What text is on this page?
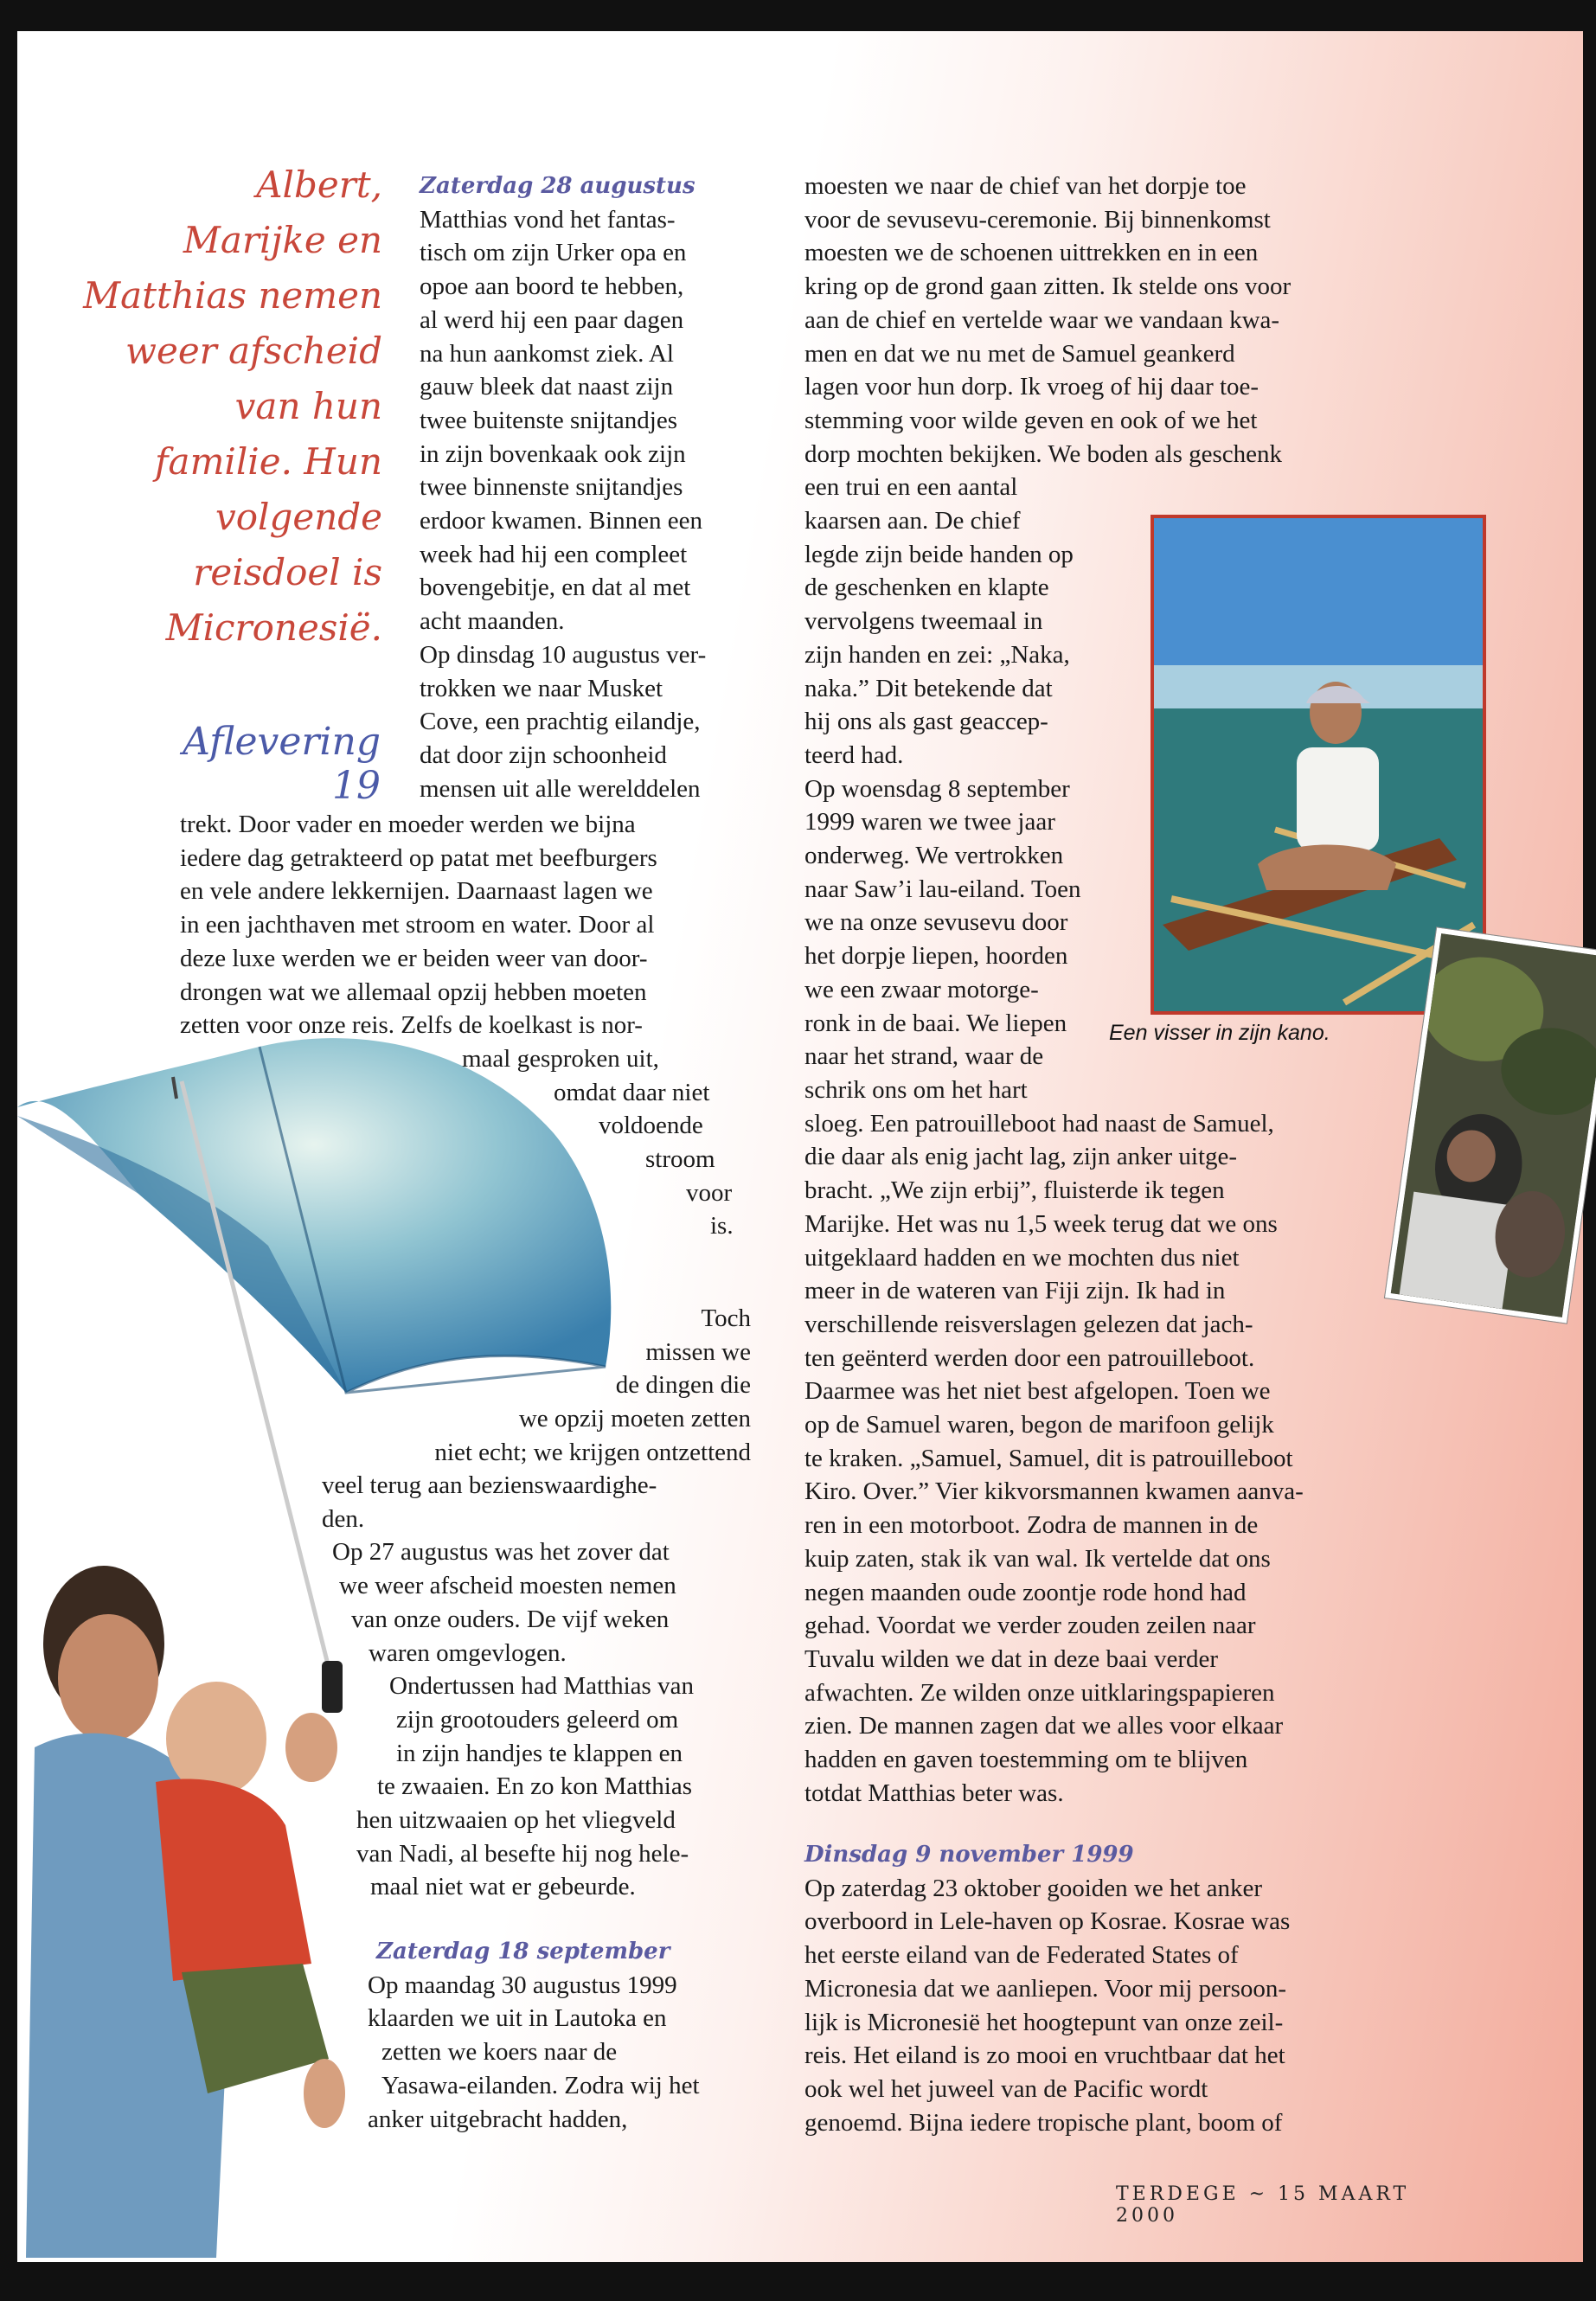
Albert,

Marijke en

Matthias nemen

weer afscheid

van hun

familie. Hun

volgende

reisdoel is

Micronesië.

Aflevering 19

Zaterdag 28 augustus

Matthias vond het fantas-

tisch om zijn Urker opa en

opoe aan boord te hebben,

al werd hij een paar dagen

na hun aankomst ziek. Al

gauw bleek dat naast zijn

twee buitenste snijtandjes

in zijn bovenkaak ook zijn

twee binnenste snijtandjes

erdoor kwamen. Binnen een

week had hij een compleet

bovengebitje, en dat al met

acht maanden.

Op dinsdag 10 augustus ver-

trokken we naar Musket

Cove, een prachtig eilandje,

dat door zijn schoonheid

mensen uit alle werelddelen

trekt. Door vader en moeder werden we bijna

iedere dag getrakteerd op patat met beefburgers

en vele andere lekkernijen. Daarnaast lagen we

in een jachthaven met stroom en water. Door al

deze luxe werden we er beiden weer van door-

drongen wat we allemaal opzij hebben moeten

zetten voor onze reis. Zelfs de koelkast is nor-

maal gesproken uit,

omdat daar niet

voldoende

stroom

voor

is.

Toch

missen we

de dingen die

we opzij moeten zetten

niet echt; we krijgen ontzettend

veel terug aan bezienswaardighe-

den.

Op 27 augustus was het zover dat

we weer afscheid moesten nemen

van onze ouders. De vijf weken

waren omgevlogen.

Ondertussen had Matthias van

zijn grootouders geleerd om

in zijn handjes te klappen en

te zwaaien. En zo kon Matthias

hen uitzwaaien op het vliegveld

van Nadi, al besefte hij nog hele-

maal niet wat er gebeurde.

Zaterdag 18 september

Op maandag 30 augustus 1999

klaarden we uit in Lautoka en

zetten we koers naar de

Yasawa-eilanden. Zodra wij het

anker uitgebracht hadden,

moesten we naar de chief van het dorpje toe

voor de sevusevu-ceremonie. Bij binnenkomst

moesten we de schoenen uittrekken en in een

kring op de grond gaan zitten. Ik stelde ons voor

aan de chief en vertelde waar we vandaan kwa-

men en dat we nu met de Samuel geankerd

lagen voor hun dorp. Ik vroeg of hij daar toe-

stemming voor wilde geven en ook of we het

dorp mochten bekijken. We boden als geschenk

een trui en een aantal

kaarsen aan. De chief

legde zijn beide handen op

de geschenken en klapte

vervolgens tweemaal in

zijn handen en zei: „Naka,

naka.” Dit betekende dat

hij ons als gast geaccep-

teerd had.

Op woensdag 8 september

1999 waren we twee jaar

onderweg. We vertrokken

naar Saw’i lau-eiland. Toen

we na onze sevusevu door

het dorpje liepen, hoorden

we een zwaar motorge-

ronk in de baai. We liepen

naar het strand, waar de

schrik ons om het hart

sloeg. Een patrouilleboot had naast de Samuel,

die daar als enig jacht lag, zijn anker uitge-

bracht. „We zijn erbij”, fluisterde ik tegen

Marijke. Het was nu 1,5 week terug dat we ons

uitgeklaard hadden en we mochten dus niet

meer in de wateren van Fiji zijn. Ik had in

verschillende reisverslagen gelezen dat jach-

ten geënterd werden door een patrouilleboot.

Daarmee was het niet best afgelopen. Toen we

op de Samuel waren, begon de marifoon gelijk

te kraken. „Samuel, Samuel, dit is patrouilleboot

Kiro. Over.” Vier kikvorsmannen kwamen aanva-

ren in een motorboot. Zodra de mannen in de

kuip zaten, stak ik van wal. Ik vertelde dat ons

negen maanden oude zoontje rode hond had

gehad. Voordat we verder zouden zeilen naar

Tuvalu wilden we dat in deze baai verder

afwachten. Ze wilden onze uitklaringspapieren

zien. De mannen zagen dat we alles voor elkaar

hadden en gaven toestemming om te blijven

totdat Matthias beter was.

Dinsdag 9 november 1999

Op zaterdag 23 oktober gooiden we het anker

overboord in Lele-haven op Kosrae. Kosrae was

het eerste eiland van de Federated States of

Micronesia dat we aanliepen. Voor mij persoon-

lijk is Micronesië het hoogtepunt van onze zeil-

reis. Het eiland is zo mooi en vruchtbaar dat het

ook wel het juweel van de Pacific wordt

genoemd. Bijna iedere tropische plant, boom of

Een visser in zijn kano.
TERDEGE ~ 15 MAART 2000
